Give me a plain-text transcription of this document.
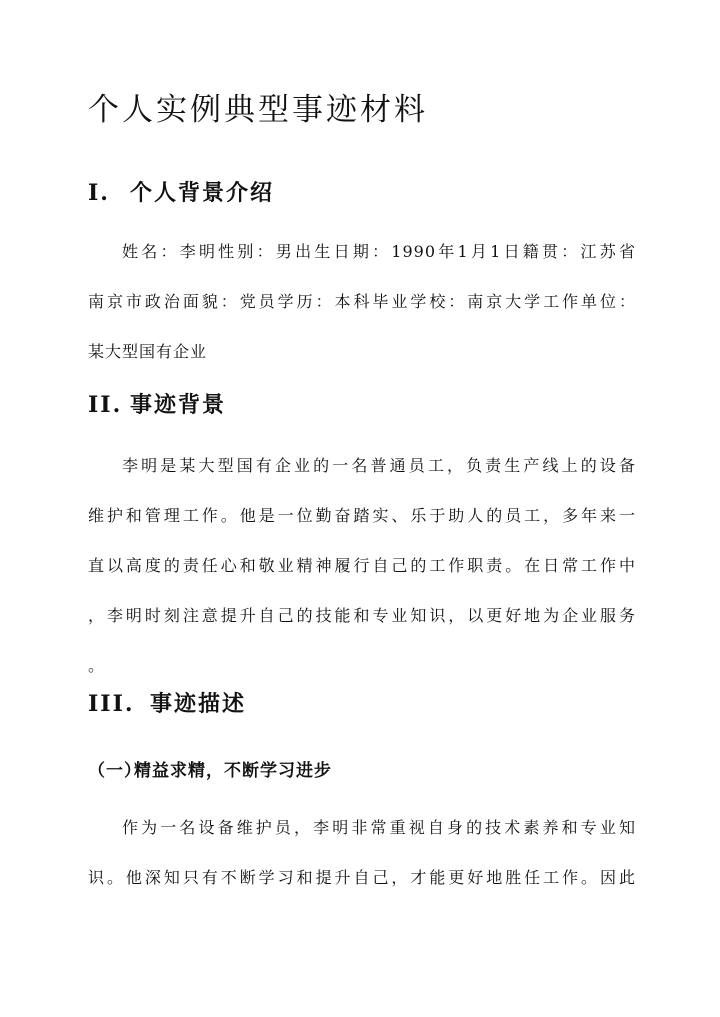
个人实例典型事迹材料
I. 个人背景介绍
姓名：李明性别：男出生日期：1990年1月1日籍贯：江苏省
南京市政治面貌：党员学历：本科毕业学校：南京大学工作单位：
某大型国有企业
II. 事迹背景
李明是某大型国有企业的一名普通员工，负责生产线上的设备
维护和管理工作。他是一位勤奋踏实、乐于助人的员工，多年来一
直以高度的责任心和敬业精神履行自己的工作职责。在日常工作中
，李明时刻注意提升自己的技能和专业知识，以更好地为企业服务
。
III. 事迹描述
（一）精益求精，不断学习进步
作为一名设备维护员，李明非常重视自身的技术素养和专业知
识。他深知只有不断学习和提升自己，才能更好地胜任工作。因此
